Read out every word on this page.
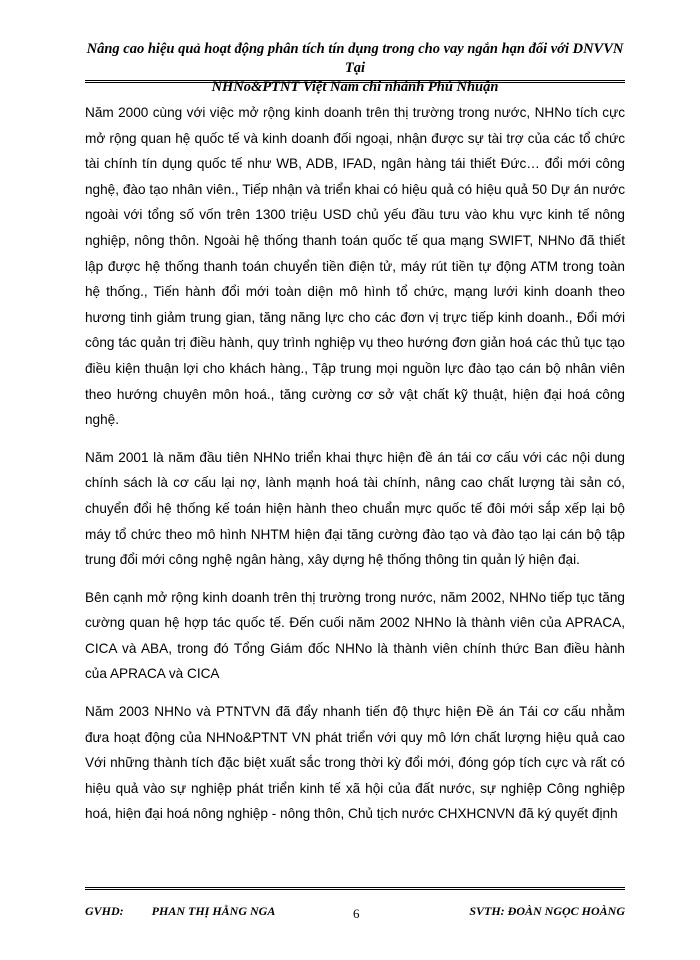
Nâng cao hiệu quả hoạt động phân tích tín dụng trong cho vay ngắn hạn đối với DNVVN Tại
NHNo&PTNT Việt Nam chi nhánh Phú Nhuận

Năm 2000 cùng với việc mở rộng kinh doanh trên thị trường trong nước, NHNo tích cực mở rộng quan hệ quốc tế và kinh doanh đối ngoại, nhận được sự tài trợ của các tổ chức tài chính tín dụng quốc tế như WB, ADB, IFAD, ngân hàng tái thiết Đức… đổi mới công nghệ, đào tạo nhân viên., Tiếp nhận và triển khai có hiệu quả có hiệu quả 50 Dự án nước ngoài với tổng số vốn trên 1300 triệu USD chủ yếu đầu tưu vào khu vực kinh tế nông nghiệp, nông thôn. Ngoài hệ thống thanh toán quốc tế qua mạng SWIFT, NHNo đã thiết lập được hệ thống thanh toán chuyển tiền điện tử, máy rút tiền tự động ATM trong toàn hệ thống., Tiến hành đổi mới toàn diện mô hình tổ chức, mạng lưới kinh doanh theo hương tinh giảm trung gian, tăng năng lực cho các đơn vị trực tiếp kinh doanh., Đổi mới công tác quản trị điều hành, quy trình nghiệp vụ theo hướng đơn giản hoá các thủ tục tạo điều kiện thuận lợi cho khách hàng., Tập trung mọi nguồn lực đào tạo cán bộ nhân viên theo hướng chuyên môn hoá., tăng cường cơ sở vật chất kỹ thuật, hiện đại hoá công nghệ.

Năm 2001 là năm đầu tiên NHNo triển khai thực hiện đề án tái cơ cấu với các nội dung chính sách là cơ cấu lại nợ, lành mạnh hoá tài chính, nâng cao chất lượng tài sản có, chuyển đổi hệ thống kế toán hiện hành theo chuẩn mực quốc tế đôi mới sắp xếp lại bộ máy tổ chức theo mô hình NHTM hiện đại tăng cường đào tạo và đào tạo lại cán bộ tập trung đổi mới công nghệ ngân hàng, xây dựng hệ thống thông tin quản lý hiện đại.

Bên cạnh mở rộng kinh doanh trên thị trường trong nước, năm 2002, NHNo tiếp tục tăng cường quan hệ hợp tác quốc tế. Đến cuối năm 2002 NHNo là thành viên của APRACA, CICA và ABA, trong đó Tổng Giám đốc NHNo là thành viên chính thức Ban điều hành của APRACA và CICA

Năm 2003 NHNo và PTNTVN đã đẩy nhanh tiến độ thực hiện Đề án Tái cơ cấu nhằm đưa hoạt động của NHNo&PTNT VN phát triển với quy mô lớn chất lượng hiệu quả cao Với những thành tích đặc biệt xuất sắc trong thời kỳ đổi mới, đóng góp tích cực và rất có hiệu quả vào sự nghiệp phát triển kinh tế xã hội của đất nước, sự nghiệp Công nghiệp hoá, hiện đại hoá nông nghiệp - nông thôn, Chủ tịch nước CHXHCNVN đã ký quyết định

GVHD: PHAN THỊ HẰNG NGA	6	SVTH: ĐOÀN NGỌC HOÀNG
